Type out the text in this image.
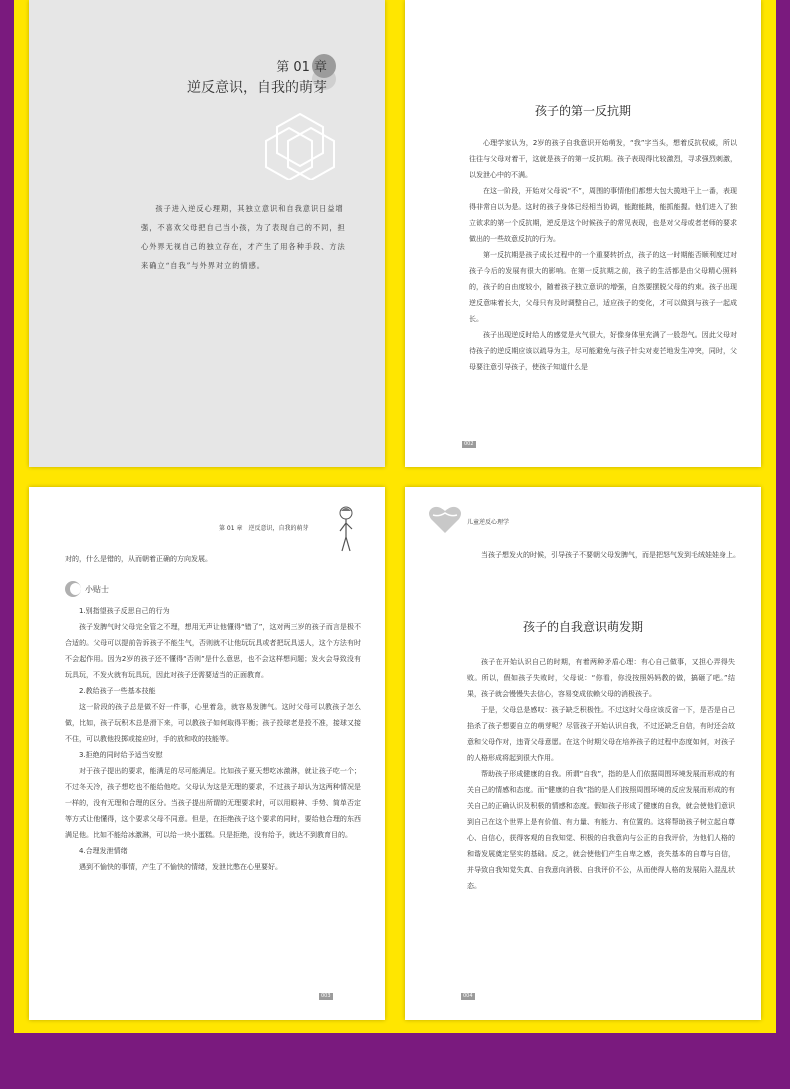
第 01 章
逆反意识，自我的萌芽
孩子进入逆反心理期，其独立意识和自我意识日益增强，不喜欢父母把自己当小孩，为了表现自己的不同，担心外界无视自己的独立存在，才产生了用各种手段、方法来确立“自我”与外界对立的情感。
孩子的第一反抗期

心理学家认为，2岁的孩子自我意识开始萌发，“我”字当头，想着反抗权威，所以往往与父母对着干，这就是孩子的第一反抗期。孩子表现得比较激烈，寻求强烈刺激，以发泄心中的不满。

在这一阶段，开始对父母说“不”，周围的事情他们都想大包大揽地干上一番，表现得非常自以为是。这时的孩子身体已经相当协调，能跑能跳，能抓能握。他们进入了独立欲求的第一个反抗期，逆反是这个时候孩子的常见表现，也是对父母或者老师的要求做出的一些故意反抗的行为。

第一反抗期是孩子成长过程中的一个重要转折点，孩子的这一时期能否顺利度过对孩子今后的发展有很大的影响。在第一反抗期之前，孩子的生活都是由父母精心照料的，孩子的自由度较小，随着孩子独立意识的增强，自然要摆脱父母的约束。孩子出现逆反意味着长大，父母只有及时调整自己，适应孩子的变化，才可以做到与孩子一起成长。

孩子出现逆反时给人的感觉是火气很大，好像身体里充满了一股怨气。因此父母对待孩子的逆反期应该以疏导为主，尽可能避免与孩子针尖对麦芒地发生冲突，同时，父母要注意引导孩子，使孩子知道什么是

002
第 01 章　逆反意识，自我的萌芽

对的，什么是错的，从而朝着正确的方向发展。

小贴士

1.别指望孩子反思自己的行为

孩子发脾气时父母完全管之不理，想用无声让他懂得“错了”，这对两三岁的孩子而言是极不合适的。父母可以提前告诉孩子不能生气，否则就不让他玩玩具或者把玩具送人，这个方法有时不会起作用。因为2岁的孩子还不懂得“否则”是什么意思，也不会这样想问题；发火会导致没有玩具玩，不发火就有玩具玩，因此对孩子还需要适当的正面教育。

2.教给孩子一些基本技能

这一阶段的孩子总是做不好一件事，心里着急，就容易发脾气。这时父母可以教孩子怎么做，比如，孩子玩积木总是滑下来，可以教孩子如何取得平衡；孩子投球老是投不准，接球又接不住，可以教他投掷或接应时，手的放和收的技能等。

3.拒绝的同时给予适当安慰

对于孩子提出的要求，能满足的尽可能满足。比如孩子夏天想吃冰激淋，就让孩子吃一个；不过冬天冷，孩子想吃也不能给他吃。父母认为这是无理的要求，不过孩子却认为这两种情况是一样的，没有无理和合理的区分。当孩子提出所谓的无理要求时，可以用眼神、手势、简单否定等方式让他懂得，这个要求父母不同意。但是，在拒绝孩子这个要求的同时，要给他合理的东西满足他。比如不能给冰激淋，可以给一块小蛋糕。只是拒绝，没有给予，就达不到教育目的。

4.合理发泄情绪

遇到不愉快的事情，产生了不愉快的情绪，发泄比憋在心里要好。

003
儿童逆反心理学

当孩子想发火的时候，引导孩子不要朝父母发脾气，而是把怒气发到毛绒娃娃身上。

孩子的自我意识萌发期

孩子在开始认识自己的时期，有着两种矛盾心理：有心自己做事，又担心弄得失败。所以，假如孩子失败时，父母说：“你看，你没按照妈妈教的做，搞砸了吧。”结果，孩子就会慢慢失去信心，容易变成依赖父母的消极孩子。

于是，父母总是感叹：孩子缺乏积极性。不过这时父母应该反省一下，是否是自己掐杀了孩子想要自立的萌芽呢？尽管孩子开始认识自我，不过还缺乏自信，有时还会故意和父母作对，违背父母意愿。在这个时期父母在培养孩子的过程中态度如何，对孩子的人格形成将起到很大作用。

帮助孩子形成健康的自我。所谓“自我”，指的是人们依据周围环境发展而形成的有关自己的情感和态度。而“健康的自我”指的是人们按照周围环境的反应发展而形成的有关自己的正确认识及积极的情感和态度。假如孩子形成了健康的自我，就会使他们意识到自己在这个世界上是有价值、有力量、有能力、有位置的。这将帮助孩子树立起自尊心、自信心，获得客观的自我知觉、积极的自我意向与公正的自我评价，为他们人格的和谐发展奠定坚实的基础。反之，就会使他们产生自卑之感，丧失基本的自尊与自信，并导致自我知觉失真、自我意向消极、自我评价不公，从而使得人格的发展陷入混乱状态。

004
